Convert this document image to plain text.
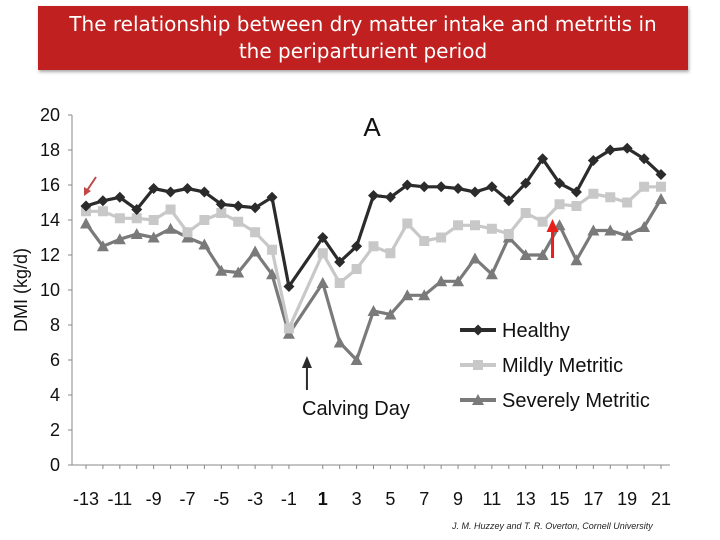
The relationship between dry matter intake and metritis in the periparturient period
0
2
4
6
8
10
12
14
16
18
20
-13 -11 -9 -7 -5 -3 -1 1 3 5 7 9 11 13 15 17 19 21
DMI (kg/d)
A
Healthy
Mildly Metritic
Severely Metritic
Calving Day
J. M. Huzzey and T. R. Overton, Cornell University
